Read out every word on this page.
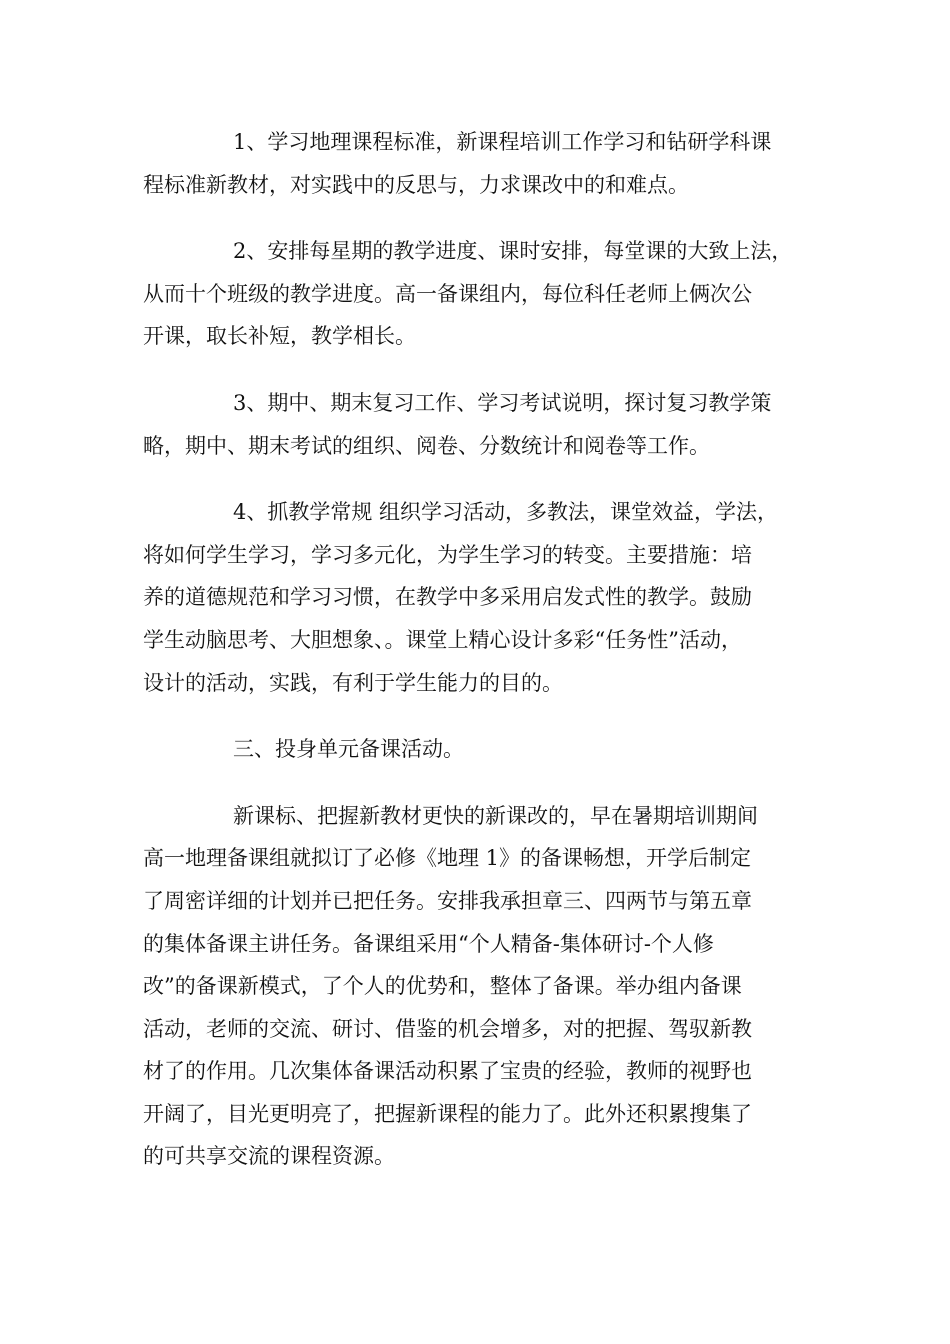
1、学习地理课程标准，新课程培训工作学习和钻研学科课
程标准新教材，对实践中的反思与，力求课改中的和难点。
2、安排每星期的教学进度、课时安排，每堂课的大致上法，
从而十个班级的教学进度。高一备课组内，每位科任老师上俩次公
开课，取长补短，教学相长。
3、期中、期末复习工作、学习考试说明，探讨复习教学策
略，期中、期末考试的组织、阅卷、分数统计和阅卷等工作。
4、抓教学常规 组织学习活动，多教法，课堂效益，学法，
将如何学生学习，学习多元化，为学生学习的转变。主要措施：培
养的道德规范和学习习惯，在教学中多采用启发式性的教学。鼓励
学生动脑思考、大胆想象、。课堂上精心设计多彩“任务性”活动，
设计的活动，实践，有利于学生能力的目的。
三、投身单元备课活动。
新课标、把握新教材更快的新课改的，早在暑期培训期间
高一地理备课组就拟订了必修《地理 1》的备课畅想，开学后制定
了周密详细的计划并已把任务。安排我承担章三、四两节与第五章
的集体备课主讲任务。备课组采用“个人精备-集体研讨-个人修
改”的备课新模式，了个人的优势和，整体了备课。举办组内备课
活动，老师的交流、研讨、借鉴的机会增多，对的把握、驾驭新教
材了的作用。几次集体备课活动积累了宝贵的经验，教师的视野也
开阔了，目光更明亮了，把握新课程的能力了。此外还积累搜集了
的可共享交流的课程资源。
